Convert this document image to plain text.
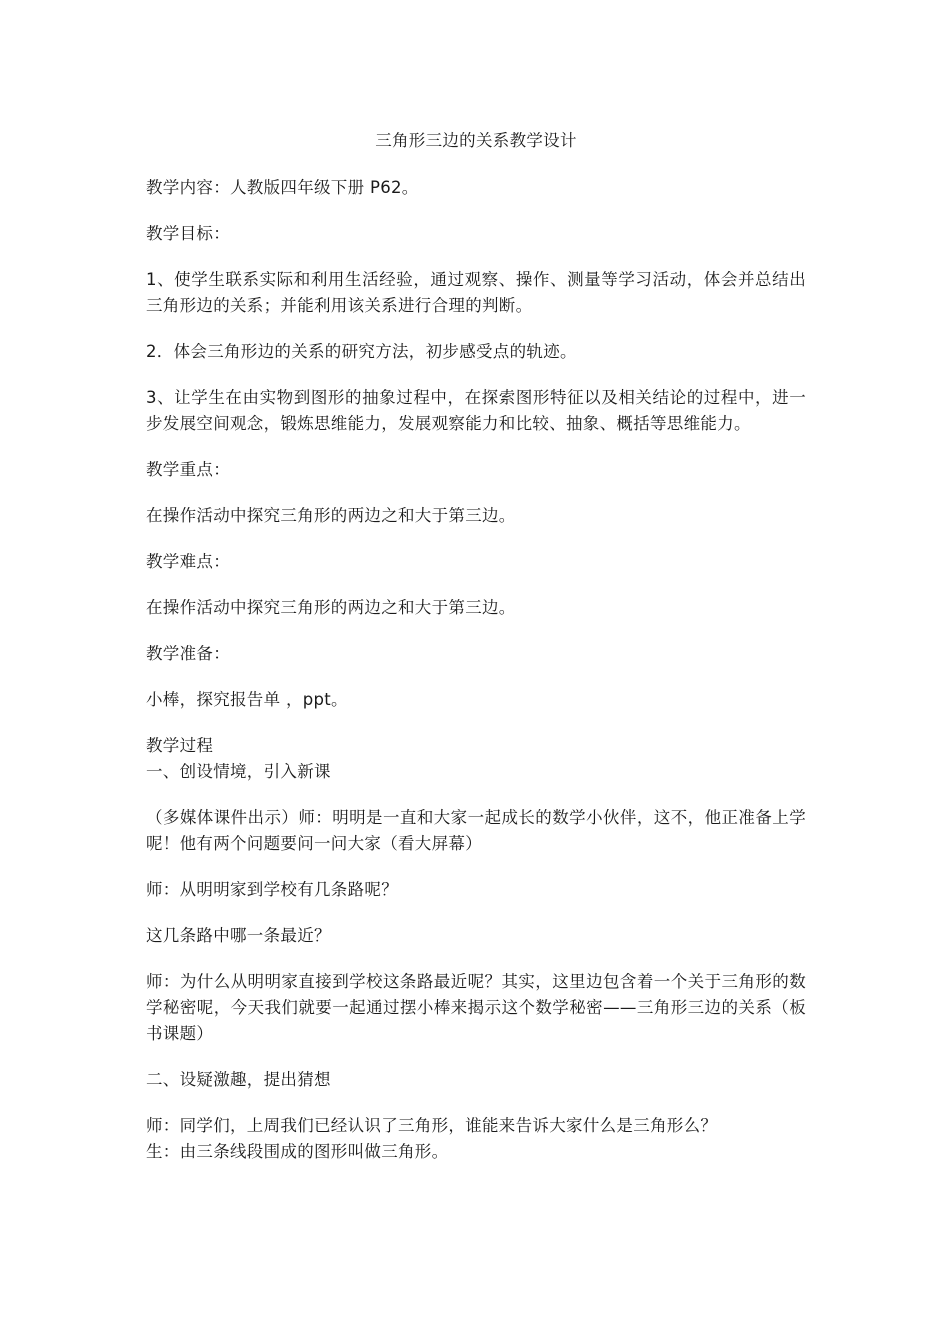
三角形三边的关系教学设计

教学内容：人教版四年级下册 P62。

教学目标：

1、使学生联系实际和利用生活经验，通过观察、操作、测量等学习活动，体会并总结出三角形边的关系；并能利用该关系进行合理的判断。

2．体会三角形边的关系的研究方法，初步感受点的轨迹。

3、让学生在由实物到图形的抽象过程中，在探索图形特征以及相关结论的过程中，进一步发展空间观念，锻炼思维能力，发展观察能力和比较、抽象、概括等思维能力。

教学重点：

在操作活动中探究三角形的两边之和大于第三边。

教学难点：

在操作活动中探究三角形的两边之和大于第三边。

教学准备：

小棒，探究报告单 ，ppt。

教学过程

一、创设情境，引入新课

（多媒体课件出示）师：明明是一直和大家一起成长的数学小伙伴，这不，他正准备上学呢！他有两个问题要问一问大家（看大屏幕）

师：从明明家到学校有几条路呢？

这几条路中哪一条最近？

师：为什么从明明家直接到学校这条路最近呢？其实，这里边包含着一个关于三角形的数学秘密呢，今天我们就要一起通过摆小棒来揭示这个数学秘密——三角形三边的关系（板书课题）

二、设疑激趣，提出猜想

师：同学们，上周我们已经认识了三角形，谁能来告诉大家什么是三角形么？

生：由三条线段围成的图形叫做三角形。
